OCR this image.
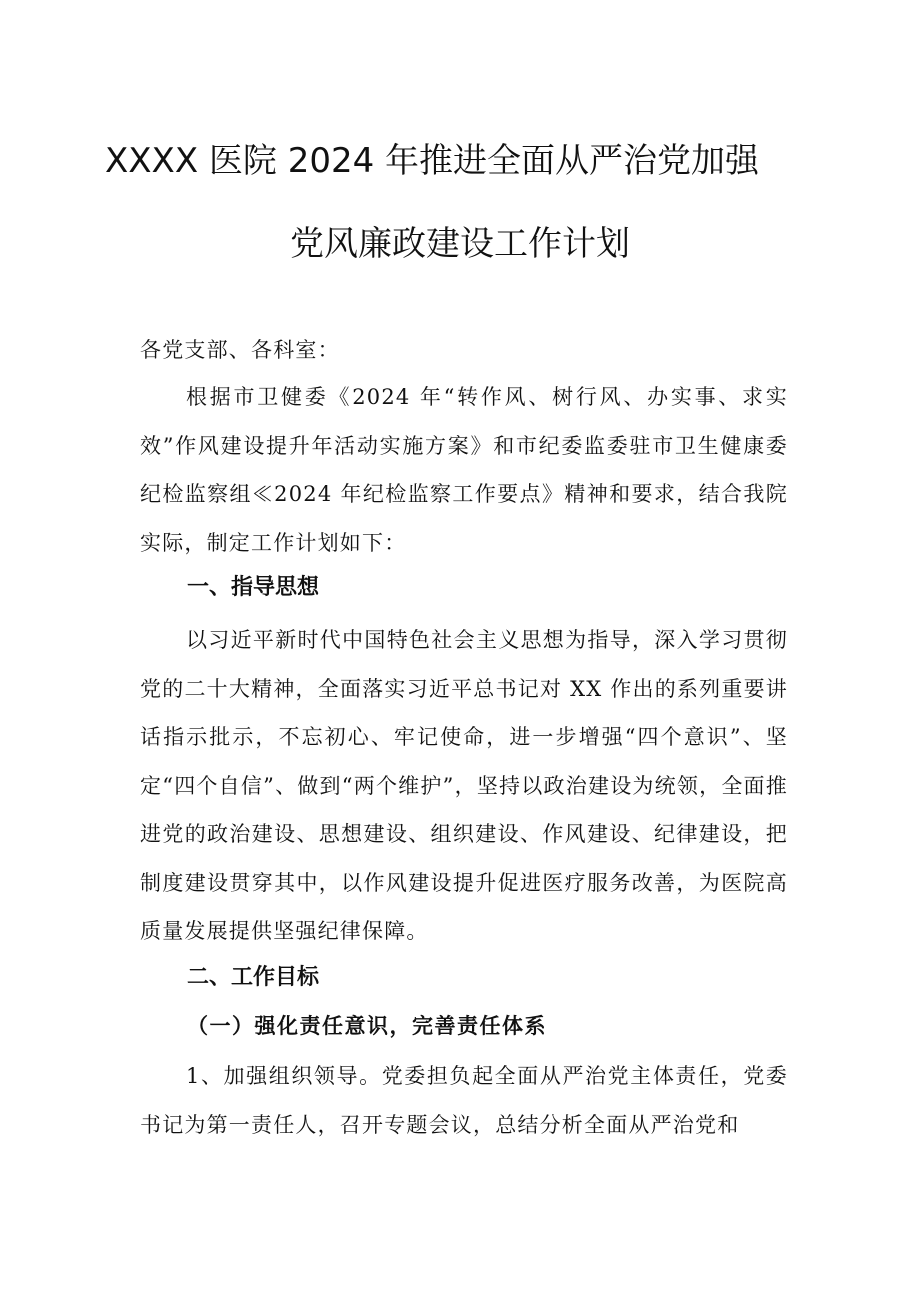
XXXX 医院 2024 年推进全面从严治党加强
党风廉政建设工作计划

各党支部、各科室：

根据市卫健委《2024 年“转作风、树行风、办实事、求实效”作风建设提升年活动实施方案》和市纪委监委驻市卫生健康委纪检监察组≪2024 年纪检监察工作要点》精神和要求，结合我院实际，制定工作计划如下：

一、指导思想

以习近平新时代中国特色社会主义思想为指导，深入学习贯彻党的二十大精神，全面落实习近平总书记对 XX 作出的系列重要讲话指示批示，不忘初心、牢记使命，进一步增强“四个意识”、坚定“四个自信”、做到“两个维护”，坚持以政治建设为统领，全面推进党的政治建设、思想建设、组织建设、作风建设、纪律建设，把制度建设贯穿其中，以作风建设提升促进医疗服务改善，为医院高质量发展提供坚强纪律保障。

二、工作目标
（一）强化责任意识，完善责任体系

1、加强组织领导。党委担负起全面从严治党主体责任，党委书记为第一责任人，召开专题会议，总结分析全面从严治党和
